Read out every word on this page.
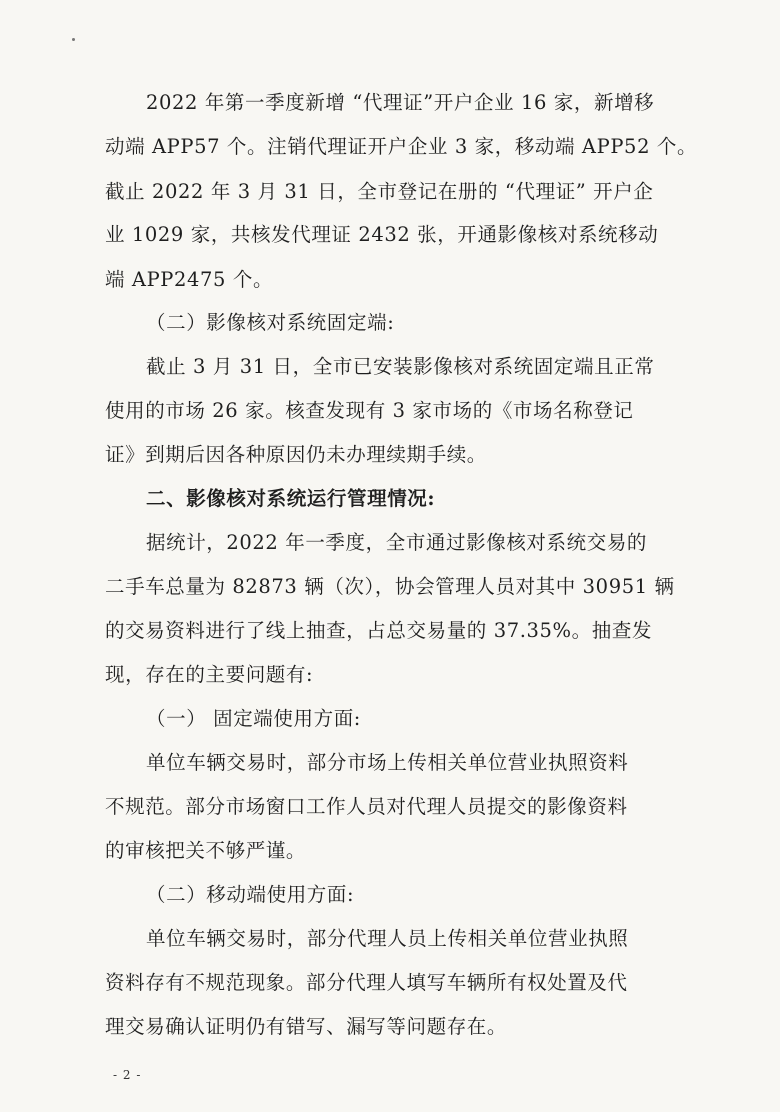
2022 年第一季度新增 “代理证”开户企业 16 家，新增移
动端 APP57 个。注销代理证开户企业 3 家，移动端 APP52 个。
截止 2022 年 3 月 31 日，全市登记在册的 “代理证” 开户企
业 1029 家，共核发代理证 2432 张，开通影像核对系统移动
端 APP2475 个。
（二）影像核对系统固定端:
截止 3 月 31 日，全市已安装影像核对系统固定端且正常
使用的市场 26 家。核查发现有 3 家市场的《市场名称登记
证》到期后因各种原因仍未办理续期手续。
二、影像核对系统运行管理情况:
据统计，2022 年一季度，全市通过影像核对系统交易的
二手车总量为 82873 辆（次），协会管理人员对其中 30951 辆
的交易资料进行了线上抽查，占总交易量的 37.35%。抽查发
现，存在的主要问题有:
（一） 固定端使用方面:
单位车辆交易时，部分市场上传相关单位营业执照资料
不规范。部分市场窗口工作人员对代理人员提交的影像资料
的审核把关不够严谨。
（二）移动端使用方面:
单位车辆交易时，部分代理人员上传相关单位营业执照
资料存有不规范现象。部分代理人填写车辆所有权处置及代
理交易确认证明仍有错写、漏写等问题存在。
- 2 -
